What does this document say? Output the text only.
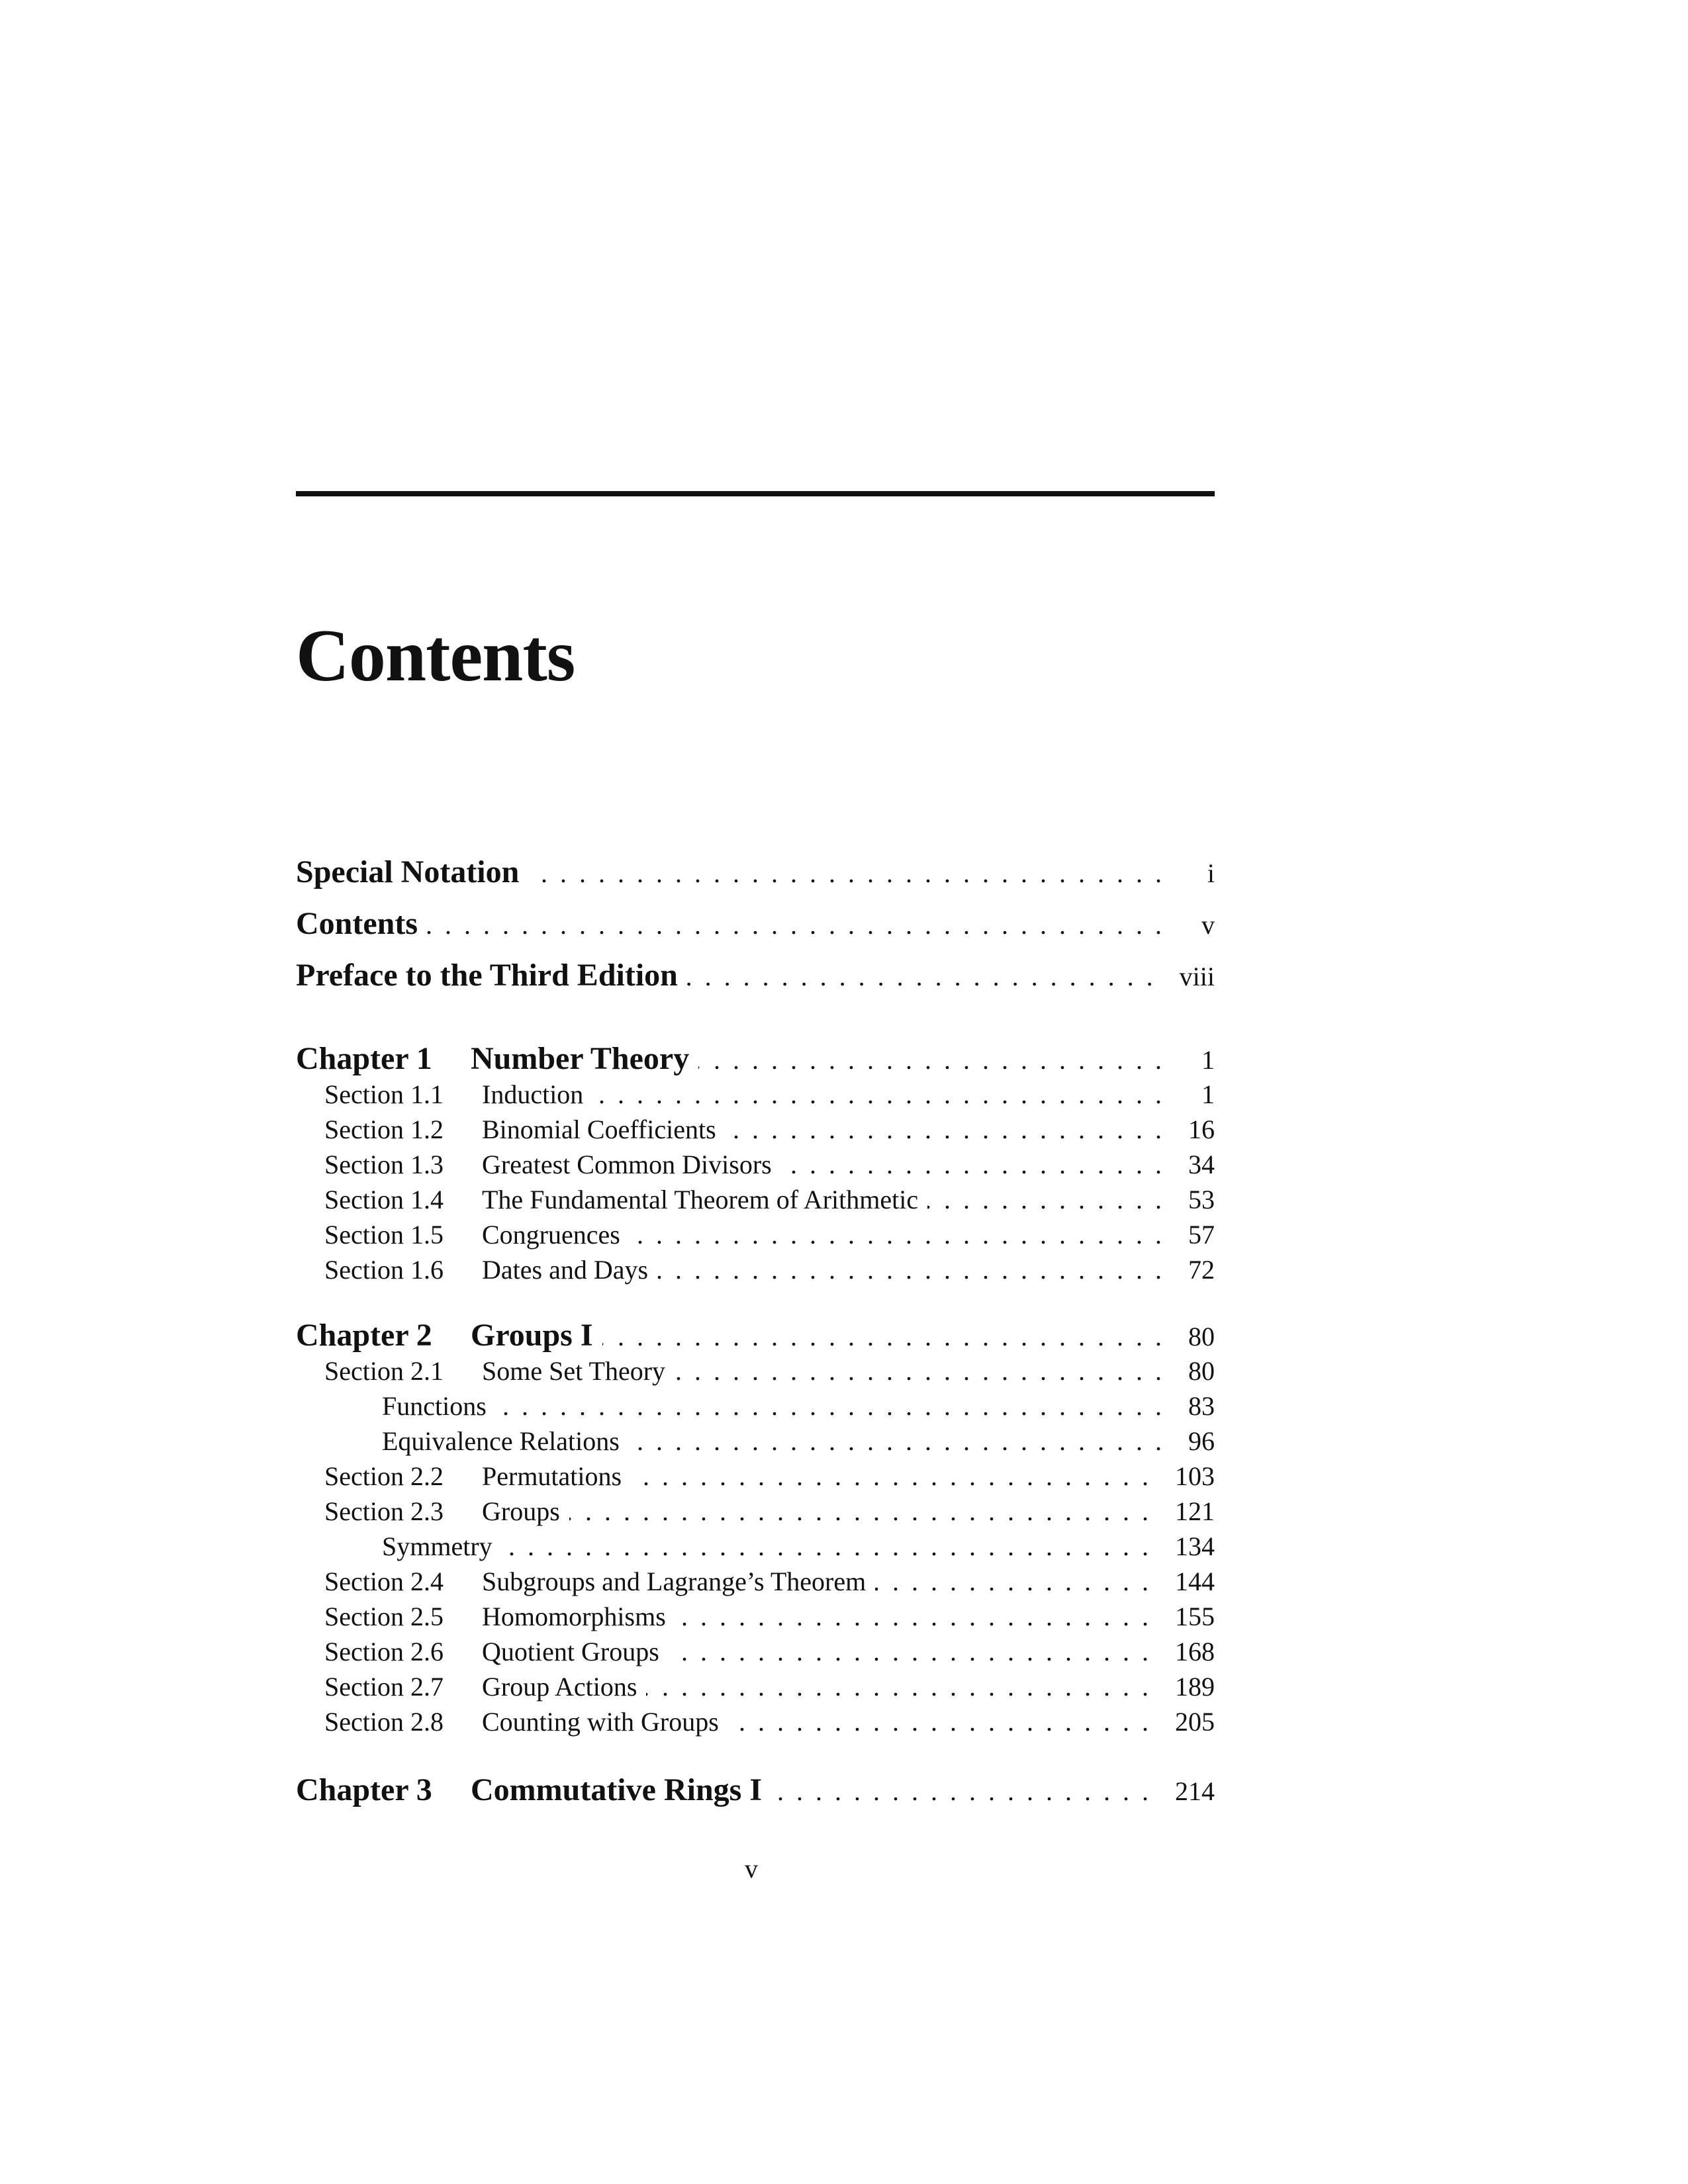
Contents
Special Notation . . .	i
Contents . . .	v
Preface to the Third Edition . . .	viii
Chapter 1	Number Theory . . .	1
Section 1.1	Induction . . .	1
Section 1.2	Binomial Coefficients . . .	16
Section 1.3	Greatest Common Divisors . . .	34
Section 1.4	The Fundamental Theorem of Arithmetic . . .	53
Section 1.5	Congruences . . .	57
Section 1.6	Dates and Days . . .	72
Chapter 2	Groups I . . .	80
Section 2.1	Some Set Theory . . .	80
Functions . . .	83
Equivalence Relations . . .	96
Section 2.2	Permutations . . .	103
Section 2.3	Groups . . .	121
Symmetry . . .	134
Section 2.4	Subgroups and Lagrange’s Theorem . . .	144
Section 2.5	Homomorphisms . . .	155
Section 2.6	Quotient Groups . . .	168
Section 2.7	Group Actions . . .	189
Section 2.8	Counting with Groups . . .	205
Chapter 3	Commutative Rings I . . .	214
v
